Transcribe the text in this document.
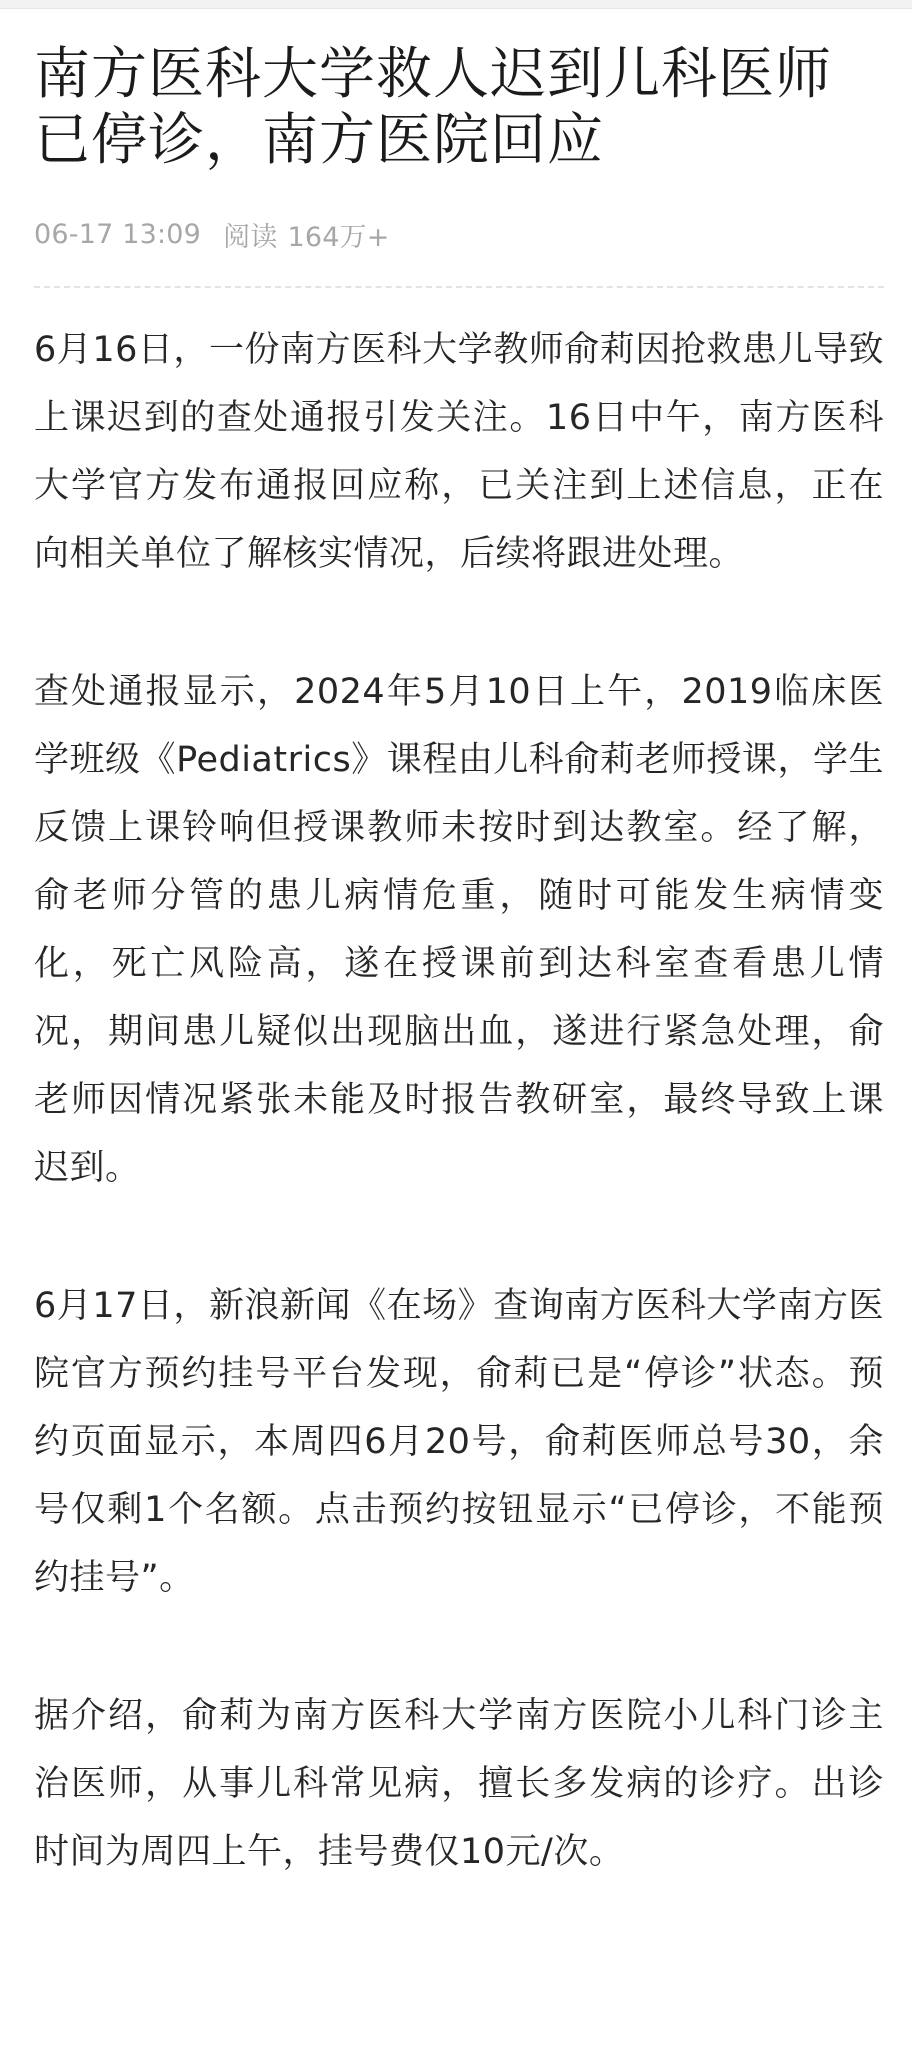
南方医科大学救人迟到儿科医师已停诊，南方医院回应
06-17 13:09 阅读 164万+

6月16日，一份南方医科大学教师俞莉因抢救患儿导致上课迟到的查处通报引发关注。16日中午，南方医科大学官方发布通报回应称，已关注到上述信息，正在向相关单位了解核实情况，后续将跟进处理。

查处通报显示，2024年5月10日上午，2019临床医学班级《Pediatrics》课程由儿科俞莉老师授课，学生反馈上课铃响但授课教师未按时到达教室。经了解，俞老师分管的患儿病情危重，随时可能发生病情变化，死亡风险高，遂在授课前到达科室查看患儿情况，期间患儿疑似出现脑出血，遂进行紧急处理，俞老师因情况紧张未能及时报告教研室，最终导致上课迟到。

6月17日，新浪新闻《在场》查询南方医科大学南方医院官方预约挂号平台发现，俞莉已是“停诊”状态。预约页面显示，本周四6月20号，俞莉医师总号30，余号仅剩1个名额。点击预约按钮显示“已停诊，不能预约挂号”。

据介绍，俞莉为南方医科大学南方医院小儿科门诊主治医师，从事儿科常见病，擅长多发病的诊疗。出诊时间为周四上午，挂号费仅10元/次。
